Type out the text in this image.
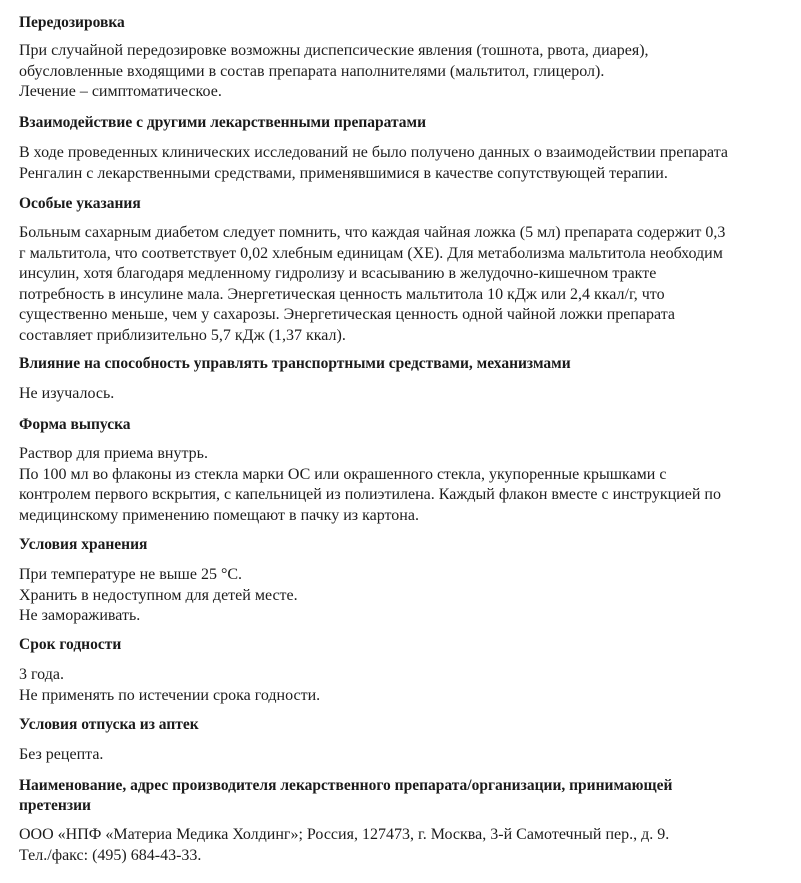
Передозировка
При случайной передозировке возможны диспепсические явления (тошнота, рвота, диарея),
обусловленные входящими в состав препарата наполнителями (мальтитол, глицерол).
Лечение – симптоматическое.
Взаимодействие с другими лекарственными препаратами
В ходе проведенных клинических исследований не было получено данных о взаимодействии препарата
Ренгалин с лекарственными средствами, применявшимися в качестве сопутствующей терапии.
Особые указания
Больным сахарным диабетом следует помнить, что каждая чайная ложка (5 мл) препарата содержит 0,3
г мальтитола, что соответствует 0,02 хлебным единицам (ХЕ). Для метаболизма мальтитола необходим
инсулин, хотя благодаря медленному гидролизу и всасыванию в желудочно-кишечном тракте
потребность в инсулине мала. Энергетическая ценность мальтитола 10 кДж или 2,4 ккал/г, что
существенно меньше, чем у сахарозы. Энергетическая ценность одной чайной ложки препарата
составляет приблизительно 5,7 кДж (1,37 ккал).
Влияние на способность управлять транспортными средствами, механизмами
Не изучалось.
Форма выпуска
Раствор для приема внутрь.
По 100 мл во флаконы из стекла марки ОС или окрашенного стекла, укупоренные крышками с
контролем первого вскрытия, с капельницей из полиэтилена. Каждый флакон вместе с инструкцией по
медицинскому применению помещают в пачку из картона.
Условия хранения
При температуре не выше 25 °С.
Хранить в недоступном для детей месте.
Не замораживать.
Срок годности
3 года.
Не применять по истечении срока годности.
Условия отпуска из аптек
Без рецепта.
Наименование, адрес производителя лекарственного препарата/организации, принимающей
претензии
ООО «НПФ «Материа Медика Холдинг»; Россия, 127473, г. Москва, 3-й Самотечный пер., д. 9.
Тел./факс: (495) 684-43-33.
